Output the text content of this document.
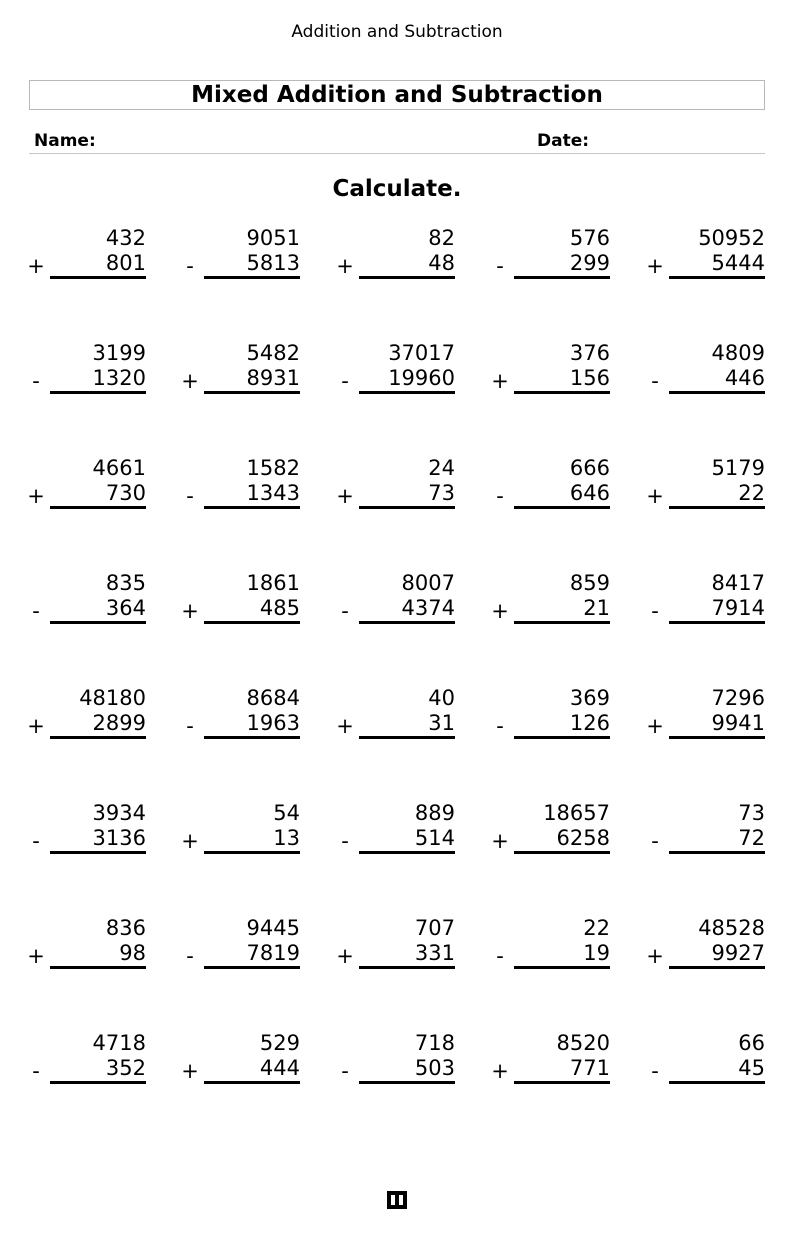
Addition and Subtraction
Mixed Addition and Subtraction
Name:	Date:
Calculate.
432
+	801
9051
-	5813
82
+	48
576
-	299
50952
+	5444
3199
-	1320
5482
+	8931
37017
-	19960
376
+	156
4809
-	446
4661
+	730
1582
-	1343
24
+	73
666
-	646
5179
+	22
835
-	364
1861
+	485
8007
-	4374
859
+	21
8417
-	7914
48180
+	2899
8684
-	1963
40
+	31
369
-	126
7296
+	9941
3934
-	3136
54
+	13
889
-	514
18657
+	6258
73
-	72
836
+	98
9445
-	7819
707
+	331
22
-	19
48528
+	9927
4718
-	352
529
+	444
718
-	503
8520
+	771
66
-	45
